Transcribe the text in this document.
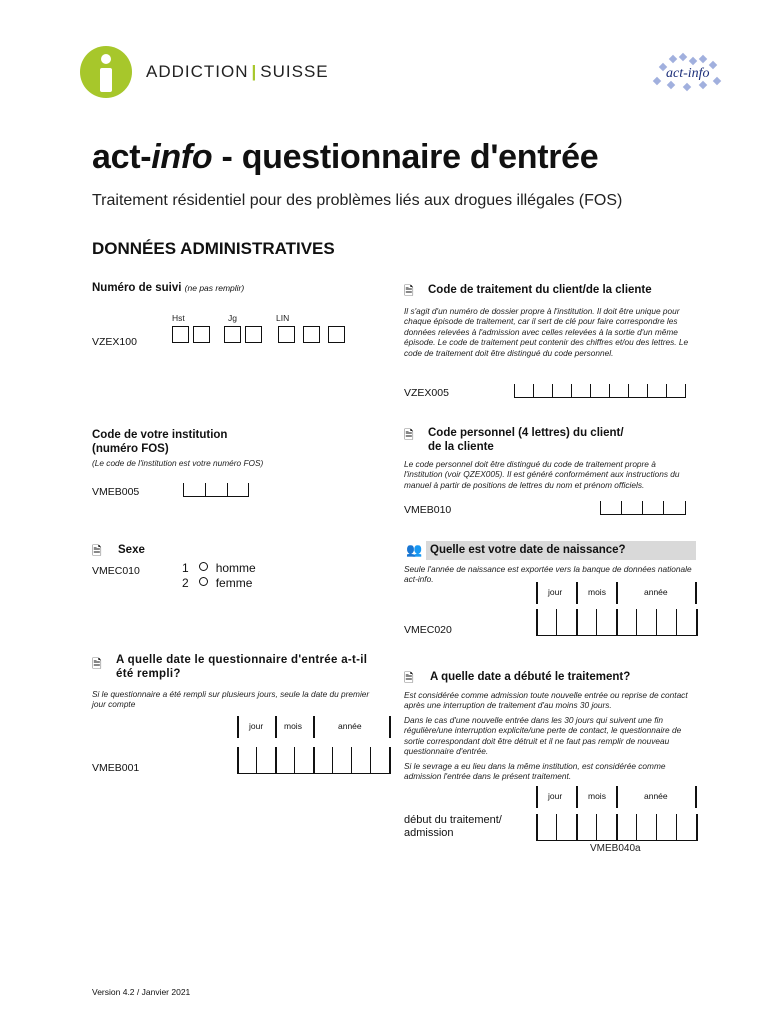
ADDICTION | SUISSE	act-info
act-info - questionnaire d'entrée
Traitement résidentiel pour des problèmes liés aux drogues illégales (FOS)
DONNÉES ADMINISTRATIVES
Numéro de suivi (ne pas remplir)
Hst	Jg	LIN
VZEX100
🗎 Code de traitement du client/de la cliente
Il s'agit d'un numéro de dossier propre à l'institution. Il doit être unique pour chaque épisode de traitement, car il sert de clé pour faire correspondre les données relevées à l'admission avec celles relevées à la sortie d'un même épisode. Le code de traitement peut contenir des chiffres et/ou des lettres. Le code de traitement doit être distingué du code personnel.
VZEX005
Code de votre institution
(numéro FOS)
(Le code de l'institution est votre numéro FOS)
VMEB005
🗎 Code personnel (4 lettres) du client/
de la cliente
Le code personnel doit être distingué du code de traitement propre à l'institution (voir QZEX005). Il est généré conformément aux instructions du manuel à partir de positions de lettres du nom et prénom officiels.
VMEB010
🗎 Sexe
VMEC010	1 homme
2 femme
👥 Quelle est votre date de naissance?
Seule l'année de naissance est exportée vers la banque de données nationale act-info.
jour	mois	année
VMEC020
🗎 A quelle date le questionnaire d'entrée a-t-il
été rempli?
Si le questionnaire a été rempli sur plusieurs jours, seule la date du premier jour compte
jour mois	année
VMEB001
🗎 A quelle date a débuté le traitement?
Est considérée comme admission toute nouvelle entrée ou reprise de contact après une interruption de traitement d'au moins 30 jours.
Dans le cas d'une nouvelle entrée dans les 30 jours qui suivent une fin régulière/une interruption explicite/une perte de contact, le questionnaire de sortie correspondant doit être détruit et il ne faut pas remplir de nouveau questionnaire d'entrée.
Si le sevrage a eu lieu dans la même institution, est considérée comme admission l'entrée dans le présent traitement.
jour	mois	année
début du traitement/
admission
VMEB040a
Version 4.2 / Janvier 2021
